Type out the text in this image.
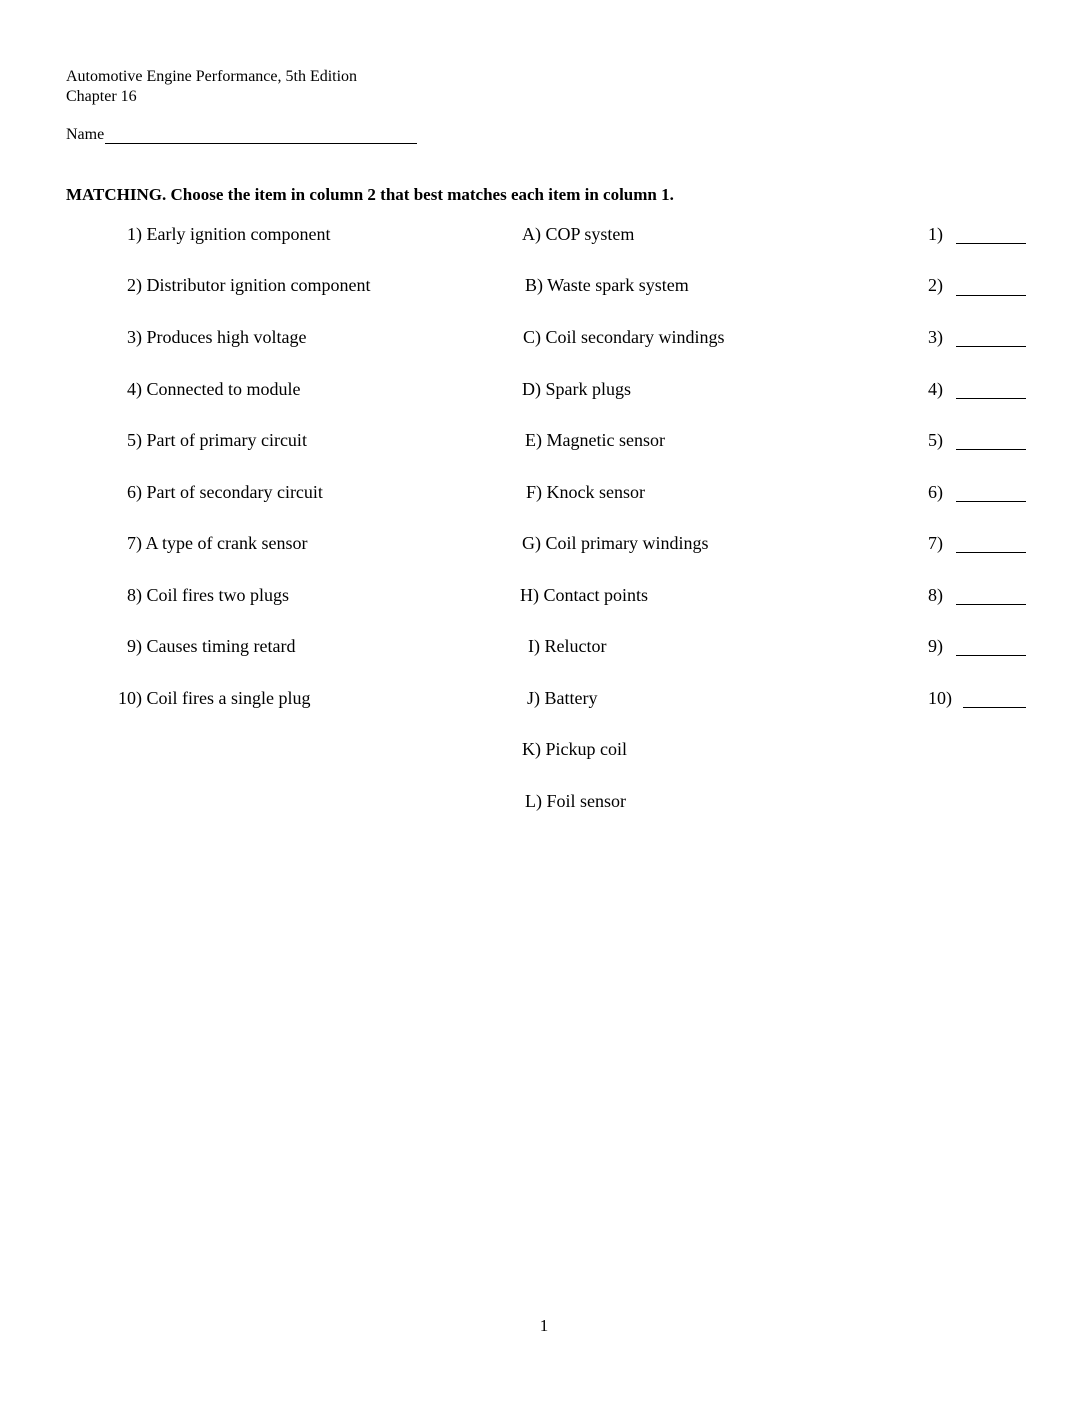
Automotive Engine Performance, 5th Edition
Chapter 16
Name
MATCHING. Choose the item in column 2 that best matches each item in column 1.
1) Early ignition component
2) Distributor ignition component
3) Produces high voltage
4) Connected to module
5) Part of primary circuit
6) Part of secondary circuit
7) A type of crank sensor
8) Coil fires two plugs
9) Causes timing retard
10) Coil fires a single plug
A) COP system
B) Waste spark system
C) Coil secondary windings
D) Spark plugs
E) Magnetic sensor
F) Knock sensor
G) Coil primary windings
H) Contact points
I) Reluctor
J) Battery
K) Pickup coil
L) Foil sensor
1)
2)
3)
4)
5)
6)
7)
8)
9)
10)
1
